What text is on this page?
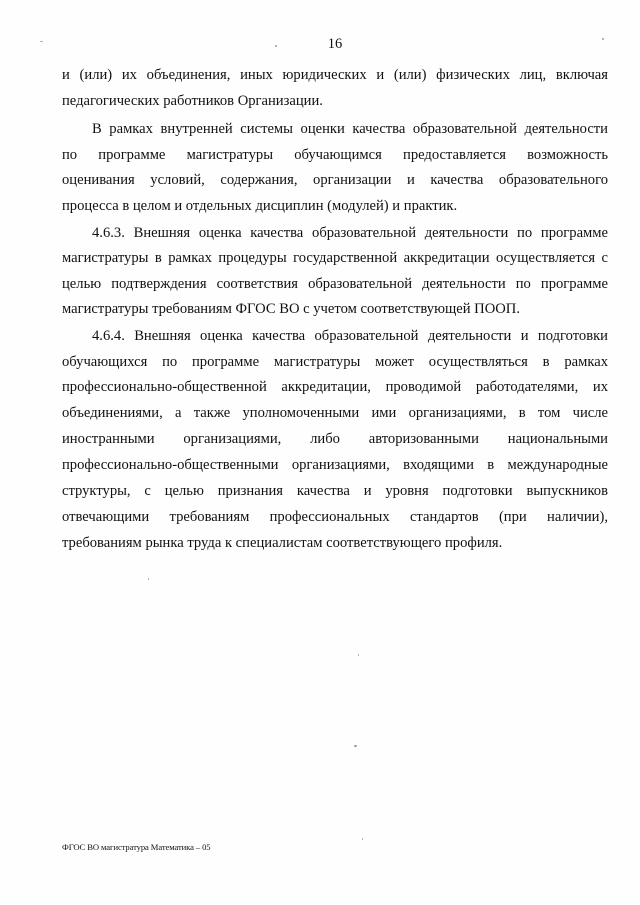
16
и (или) их объединения, иных юридических и (или) физических лиц, включая
педагогических работников Организации.
В рамках внутренней системы оценки качества образовательной деятельности
по программе магистратуры обучающимся предоставляется возможность
оценивания условий, содержания, организации и качества образовательного
процесса в целом и отдельных дисциплин (модулей) и практик.
4.6.3. Внешняя оценка качества образовательной деятельности по программе
магистратуры в рамках процедуры государственной аккредитации осуществляется с
целью подтверждения соответствия образовательной деятельности по программе
магистратуры требованиям ФГОС ВО с учетом соответствующей ПООП.
4.6.4. Внешняя оценка качества образовательной деятельности и подготовки
обучающихся по программе магистратуры может осуществляться в рамках
профессионально-общественной аккредитации, проводимой работодателями, их
объединениями, а также уполномоченными ими организациями, в том числе
иностранными организациями, либо авторизованными национальными
профессионально-общественными организациями, входящими в международные
структуры, с целью признания качества и уровня подготовки выпускников
отвечающими требованиям профессиональных стандартов (при наличии),
требованиям рынка труда к специалистам соответствующего профиля.
ФГОС ВО магистратура Математика – 05
